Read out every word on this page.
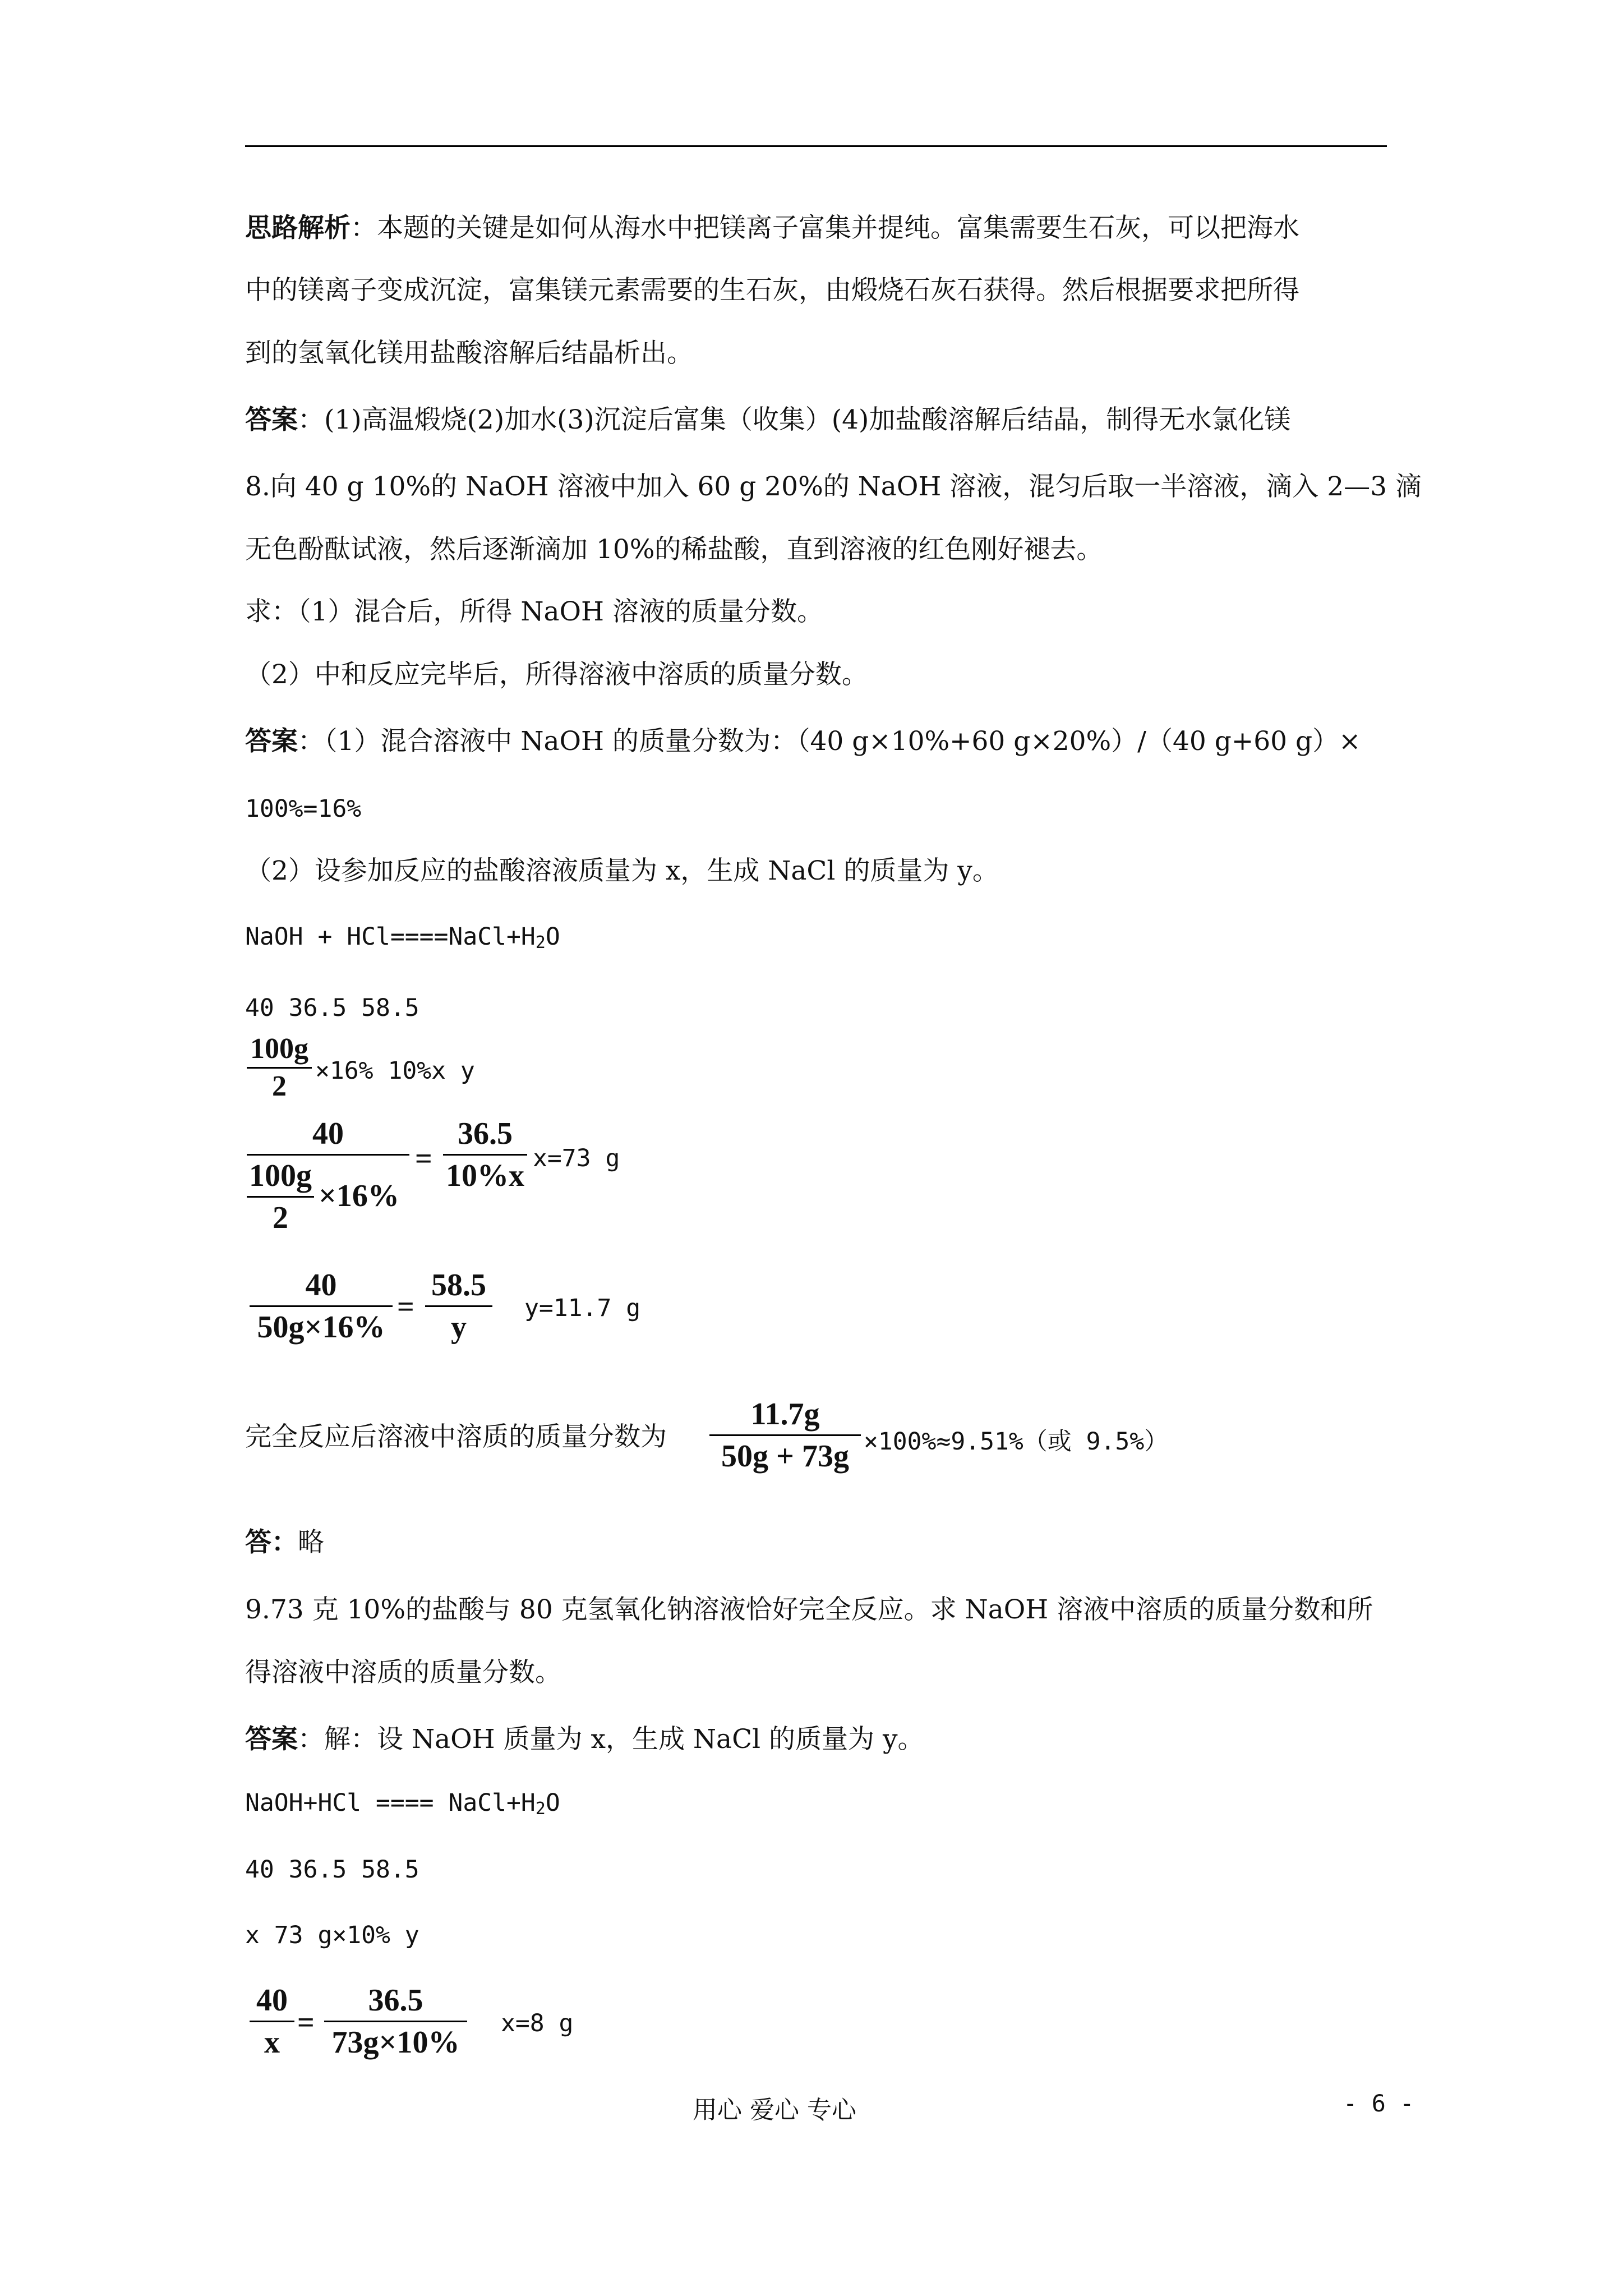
思路解析：本题的关键是如何从海水中把镁离子富集并提纯。富集需要生石灰，可以把海水
中的镁离子变成沉淀，富集镁元素需要的生石灰，由煅烧石灰石获得。然后根据要求把所得
到的氢氧化镁用盐酸溶解后结晶析出。
答案：(1)高温煅烧(2)加水(3)沉淀后富集（收集）(4)加盐酸溶解后结晶，制得无水氯化镁
8.向 40 g 10%的 NaOH 溶液中加入 60 g 20%的 NaOH 溶液，混匀后取一半溶液，滴入 2—3 滴
无色酚酞试液，然后逐渐滴加 10%的稀盐酸，直到溶液的红色刚好褪去。
求：（1）混合后，所得 NaOH 溶液的质量分数。
（2）中和反应完毕后，所得溶液中溶质的质量分数。
答案：（1）混合溶液中 NaOH 的质量分数为：（40 g×10%+60 g×20%）/（40 g+60 g）×
100%=16%
（2）设参加反应的盐酸溶液质量为 x，生成 NaCl 的质量为 y。
NaOH + $HCl====NaCl+H_2O$
40 36.5 58.5
100g
2	×16% 10%x y
40
100g
2
×16%
=
36.5
10%x x=73 g
40
50g×16%
=
58.5
y
y=11.7 g
完全反应后溶液中溶质的质量分数为
11.7g
50g + 73g ×100%≈9.51%（或 9.5%）
答：略
9.73 克 10%的盐酸与 80 克氢氧化钠溶液恰好完全反应。求 NaOH 溶液中溶质的质量分数和所
得溶液中溶质的质量分数。
答案：解：设 NaOH 质量为 x，生成 NaCl 的质量为 y。
NaOH+HCl ==== $NaCl+H_2O$
40 36.5 58.5
x 73 g×10% y
40
x
=
36.5
73g×10%
x=8 g
用心 爱心 专心	- 6 -
